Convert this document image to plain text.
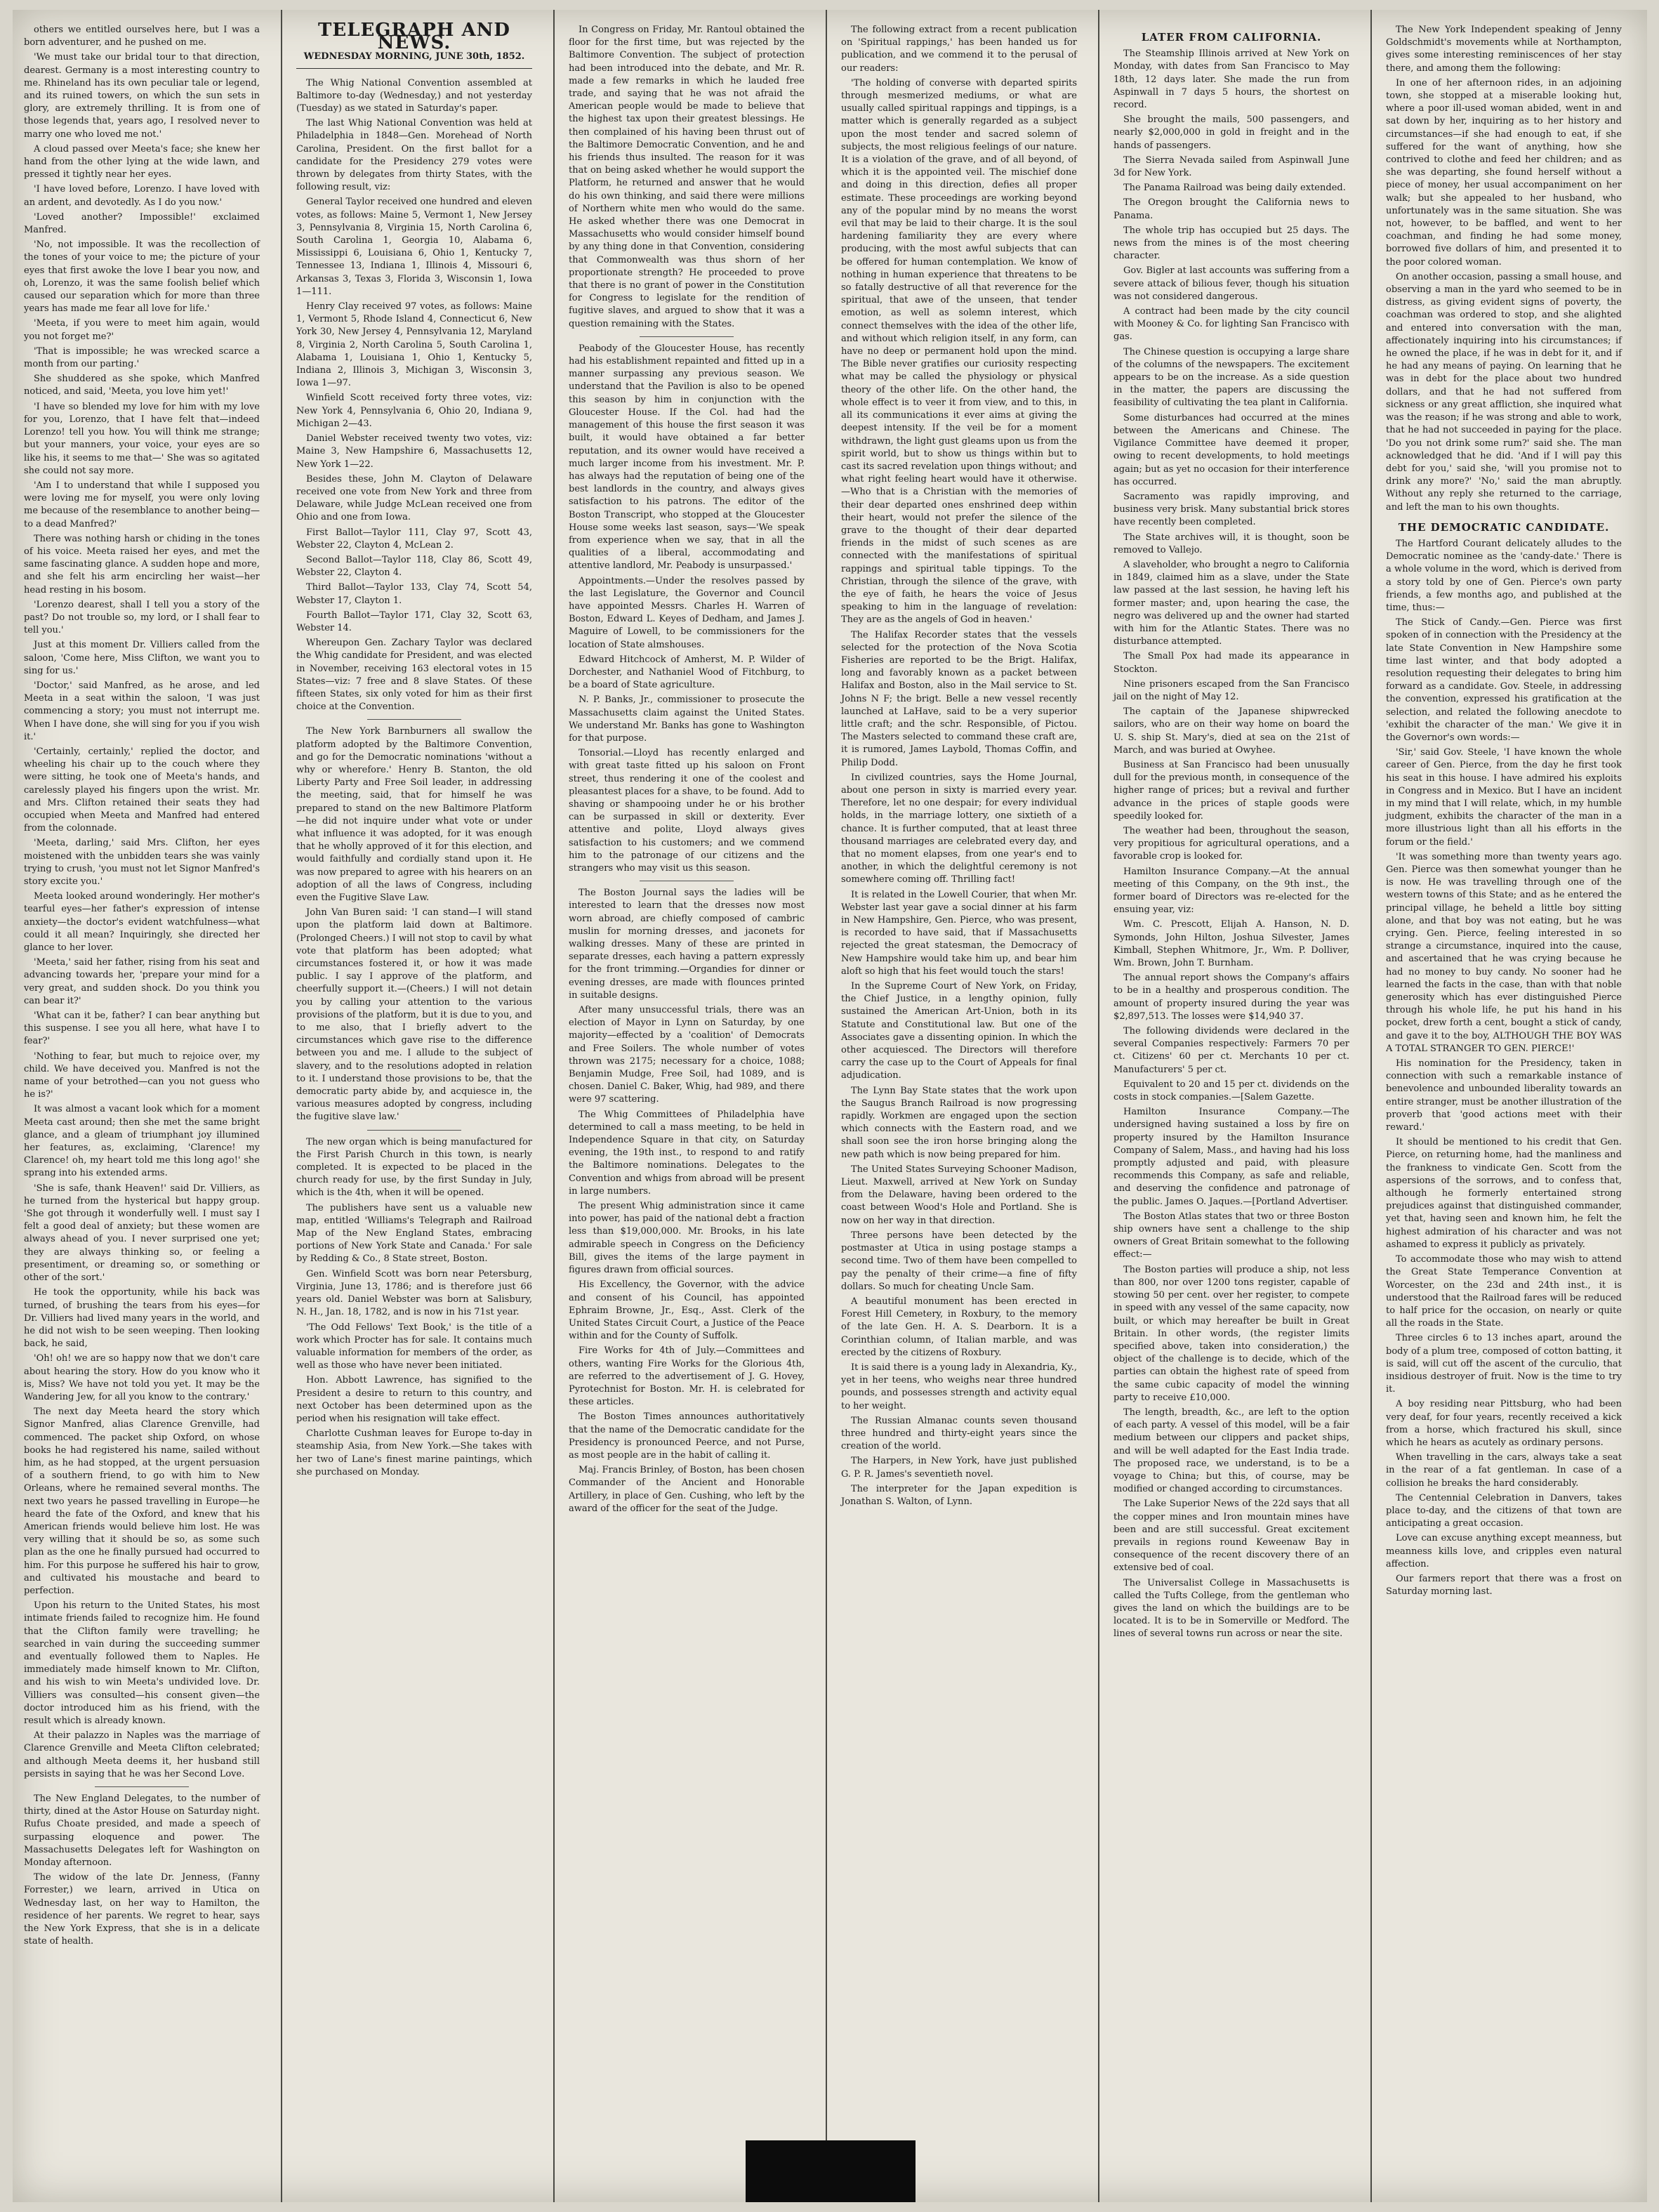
others we entitled ourselves here, but I was a born adventurer, and he pushed on me.

'We must take our bridal tour to that direction, dearest. Germany is a most interesting country to me. Rhineland has its own peculiar tale or legend, and its ruined towers, on which the sun sets in glory, are extremely thrilling. It is from one of those legends that, years ago, I resolved never to marry one who loved me not.'

A cloud passed over Meeta's face; she knew her hand from the other lying at the wide lawn, and pressed it tightly near her eyes.

'I have loved before, Lorenzo. I have loved with an ardent, and devotedly. As I do you now.'

'Loved another? Impossible!' exclaimed Manfred.

'No, not impossible. It was the recollection of the tones of your voice to me; the picture of your eyes that first awoke the love I bear you now, and oh, Lorenzo, it was the same foolish belief which caused our separation which for more than three years has made me fear all love for life.'

'Meeta, if you were to meet him again, would you not forget me?'

'That is impossible; he was wrecked scarce a month from our parting.'

She shuddered as she spoke, which Manfred noticed, and said, 'Meeta, you love him yet!'

'I have so blended my love for him with my love for you, Lorenzo, that I have felt that—indeed Lorenzo! tell you how. You will think me strange; but your manners, your voice, your eyes are so like his, it seems to me that—' She was so agitated she could not say more.

'Am I to understand that while I supposed you were loving me for myself, you were only loving me because of the resemblance to another being—to a dead Manfred?'

There was nothing harsh or chiding in the tones of his voice. Meeta raised her eyes, and met the same fascinating glance. A sudden hope and more, and she felt his arm encircling her waist—her head resting in his bosom.

'Lorenzo dearest, shall I tell you a story of the past? Do not trouble so, my lord, or I shall fear to tell you.'

Just at this moment Dr. Villiers called from the saloon, 'Come here, Miss Clifton, we want you to sing for us.'

'Doctor,' said Manfred, as he arose, and led Meeta in a seat within the saloon, 'I was just commencing a story; you must not interrupt me. When I have done, she will sing for you if you wish it.'

'Certainly, certainly,' replied the doctor, and wheeling his chair up to the couch where they were sitting, he took one of Meeta's hands, and carelessly played his fingers upon the wrist. Mr. and Mrs. Clifton retained their seats they had occupied when Meeta and Manfred had entered from the colonnade.

'Meeta, darling,' said Mrs. Clifton, her eyes moistened with the unbidden tears she was vainly trying to crush, 'you must not let Signor Manfred's story excite you.'

Meeta looked around wonderingly. Her mother's tearful eyes—her father's expression of intense anxiety—the doctor's evident watchfulness—what could it all mean? Inquiringly, she directed her glance to her lover.

'Meeta,' said her father, rising from his seat and advancing towards her, 'prepare your mind for a very great, and sudden shock. Do you think you can bear it?'

'What can it be, father? I can bear anything but this suspense. I see you all here, what have I to fear?'

'Nothing to fear, but much to rejoice over, my child. We have deceived you. Manfred is not the name of your betrothed—can you not guess who he is?'

It was almost a vacant look which for a moment Meeta cast around; then she met the same bright glance, and a gleam of triumphant joy illumined her features, as, exclaiming, 'Clarence! my Clarence! oh, my heart told me this long ago!' she sprang into his extended arms.

'She is safe, thank Heaven!' said Dr. Villiers, as he turned from the hysterical but happy group. 'She got through it wonderfully well. I must say I felt a good deal of anxiety; but these women are always ahead of you. I never surprised one yet; they are always thinking so, or feeling a presentiment, or dreaming so, or something or other of the sort.'

He took the opportunity, while his back was turned, of brushing the tears from his eyes—for Dr. Villiers had lived many years in the world, and he did not wish to be seen weeping. Then looking back, he said,

'Oh! oh! we are so happy now that we don't care about hearing the story. How do you know who it is, Miss? We have not told you yet. It may be the Wandering Jew, for all you know to the contrary.'

The next day Meeta heard the story which Signor Manfred, alias Clarence Grenville, had commenced. The packet ship Oxford, on whose books he had registered his name, sailed without him, as he had stopped, at the urgent persuasion of a southern friend, to go with him to New Orleans, where he remained several months. The next two years he passed travelling in Europe—he heard the fate of the Oxford, and knew that his American friends would believe him lost. He was very willing that it should be so, as some such plan as the one he finally pursued had occurred to him. For this purpose he suffered his hair to grow, and cultivated his moustache and beard to perfection.

Upon his return to the United States, his most intimate friends failed to recognize him. He found that the Clifton family were travelling; he searched in vain during the succeeding summer and eventually followed them to Naples. He immediately made himself known to Mr. Clifton, and his wish to win Meeta's undivided love. Dr. Villiers was consulted—his consent given—the doctor introduced him as his friend, with the result which is already known.

At their palazzo in Naples was the marriage of Clarence Grenville and Meeta Clifton celebrated; and although Meeta deems it, her husband still persists in saying that he was her Second Love.

The New England Delegates, to the number of thirty, dined at the Astor House on Saturday night. Rufus Choate presided, and made a speech of surpassing eloquence and power. The Massachusetts Delegates left for Washington on Monday afternoon.

The widow of the late Dr. Jenness, (Fanny Forrester,) we learn, arrived in Utica on Wednesday last, on her way to Hamilton, the residence of her parents. We regret to hear, says the New York Express, that she is in a delicate state of health.

TELEGRAPH AND NEWS.
WEDNESDAY MORNING, JUNE 30th, 1852.

The Whig National Convention assembled at Baltimore to-day (Wednesday,) and not yesterday (Tuesday) as we stated in Saturday's paper.

The last Whig National Convention was held at Philadelphia in 1848—Gen. Morehead of North Carolina, President. On the first ballot for a candidate for the Presidency 279 votes were thrown by delegates from thirty States, with the following result, viz:

General Taylor received one hundred and eleven votes, as follows: Maine 5, Vermont 1, New Jersey 3, Pennsylvania 8, Virginia 15, North Carolina 6, South Carolina 1, Georgia 10, Alabama 6, Mississippi 6, Louisiana 6, Ohio 1, Kentucky 7, Tennessee 13, Indiana 1, Illinois 4, Missouri 6, Arkansas 3, Texas 3, Florida 3, Wisconsin 1, Iowa 1—111.

Henry Clay received 97 votes, as follows: Maine 1, Vermont 5, Rhode Island 4, Connecticut 6, New York 30, New Jersey 4, Pennsylvania 12, Maryland 8, Virginia 2, North Carolina 5, South Carolina 1, Alabama 1, Louisiana 1, Ohio 1, Kentucky 5, Indiana 2, Illinois 3, Michigan 3, Wisconsin 3, Iowa 1—97.

Winfield Scott received forty three votes, viz: New York 4, Pennsylvania 6, Ohio 20, Indiana 9, Michigan 2—43.

Daniel Webster received twenty two votes, viz: Maine 3, New Hampshire 6, Massachusetts 12, New York 1—22.

Besides these, John M. Clayton of Delaware received one vote from New York and three from Delaware, while Judge McLean received one from Ohio and one from Iowa.

First Ballot—Taylor 111, Clay 97, Scott 43, Webster 22, Clayton 4, McLean 2.

Second Ballot—Taylor 118, Clay 86, Scott 49, Webster 22, Clayton 4.

Third Ballot—Taylor 133, Clay 74, Scott 54, Webster 17, Clayton 1.

Fourth Ballot—Taylor 171, Clay 32, Scott 63, Webster 14.

Whereupon Gen. Zachary Taylor was declared the Whig candidate for President, and was elected in November, receiving 163 electoral votes in 15 States—viz: 7 free and 8 slave States. Of these fifteen States, six only voted for him as their first choice at the Convention.

The New York Barnburners all swallow the platform adopted by the Baltimore Convention, and go for the Democratic nominations 'without a why or wherefore.' Henry B. Stanton, the old Liberty Party and Free Soil leader, in addressing the meeting, said, that for himself he was prepared to stand on the new Baltimore Platform—he did not inquire under what vote or under what influence it was adopted, for it was enough that he wholly approved of it for this election, and would faithfully and cordially stand upon it. He was now prepared to agree with his hearers on an adoption of all the laws of Congress, including even the Fugitive Slave Law.

John Van Buren said: 'I can stand—I will stand upon the platform laid down at Baltimore. (Prolonged Cheers.) I will not stop to cavil by what vote that platform has been adopted; what circumstances fostered it, or how it was made public. I say I approve of the platform, and cheerfully support it.—(Cheers.) I will not detain you by calling your attention to the various provisions of the platform, but it is due to you, and to me also, that I briefly advert to the circumstances which gave rise to the difference between you and me. I allude to the subject of slavery, and to the resolutions adopted in relation to it. I understand those provisions to be, that the democratic party abide by, and acquiesce in, the various measures adopted by congress, including the fugitive slave law.'

The new organ which is being manufactured for the First Parish Church in this town, is nearly completed. It is expected to be placed in the church ready for use, by the first Sunday in July, which is the 4th, when it will be opened.

The publishers have sent us a valuable new map, entitled 'Williams's Telegraph and Railroad Map of the New England States, embracing portions of New York State and Canada.' For sale by Redding & Co., 8 State street, Boston.

Gen. Winfield Scott was born near Petersburg, Virginia, June 13, 1786; and is therefore just 66 years old. Daniel Webster was born at Salisbury, N. H., Jan. 18, 1782, and is now in his 71st year.

'The Odd Fellows' Text Book,' is the title of a work which Procter has for sale. It contains much valuable information for members of the order, as well as those who have never been initiated.

Hon. Abbott Lawrence, has signified to the President a desire to return to this country, and next October has been determined upon as the period when his resignation will take effect.

Charlotte Cushman leaves for Europe to-day in steamship Asia, from New York.—She takes with her two of Lane's finest marine paintings, which she purchased on Monday.

In Congress on Friday, Mr. Rantoul obtained the floor for the first time, but was rejected by the Baltimore Convention. The subject of protection had been introduced into the debate, and Mr. R. made a few remarks in which he lauded free trade, and saying that he was not afraid the American people would be made to believe that the highest tax upon their greatest blessings. He then complained of his having been thrust out of the Baltimore Democratic Convention, and he and his friends thus insulted. The reason for it was that on being asked whether he would support the Platform, he returned and answer that he would do his own thinking, and said there were millions of Northern white men who would do the same. He asked whether there was one Democrat in Massachusetts who would consider himself bound by any thing done in that Convention, considering that Commonwealth was thus shorn of her proportionate strength? He proceeded to prove that there is no grant of power in the Constitution for Congress to legislate for the rendition of fugitive slaves, and argued to show that it was a question remaining with the States.

Peabody of the Gloucester House, has recently had his establishment repainted and fitted up in a manner surpassing any previous season. We understand that the Pavilion is also to be opened this season by him in conjunction with the Gloucester House. If the Col. had had the management of this house the first season it was built, it would have obtained a far better reputation, and its owner would have received a much larger income from his investment. Mr. P. has always had the reputation of being one of the best landlords in the country, and always gives satisfaction to his patrons. The editor of the Boston Transcript, who stopped at the Gloucester House some weeks last season, says—'We speak from experience when we say, that in all the qualities of a liberal, accommodating and attentive landlord, Mr. Peabody is unsurpassed.'

Appointments.—Under the resolves passed by the last Legislature, the Governor and Council have appointed Messrs. Charles H. Warren of Boston, Edward L. Keyes of Dedham, and James J. Maguire of Lowell, to be commissioners for the location of State almshouses.

Edward Hitchcock of Amherst, M. P. Wilder of Dorchester, and Nathaniel Wood of Fitchburg, to be a board of State agriculture.

N. P. Banks, Jr., commissioner to prosecute the Massachusetts claim against the United States. We understand Mr. Banks has gone to Washington for that purpose.

Tonsorial.—Lloyd has recently enlarged and with great taste fitted up his saloon on Front street, thus rendering it one of the coolest and pleasantest places for a shave, to be found. Add to shaving or shampooing under he or his brother can be surpassed in skill or dexterity. Ever attentive and polite, Lloyd always gives satisfaction to his customers; and we commend him to the patronage of our citizens and the strangers who may visit us this season.

The Boston Journal says the ladies will be interested to learn that the dresses now most worn abroad, are chiefly composed of cambric muslin for morning dresses, and jaconets for walking dresses. Many of these are printed in separate dresses, each having a pattern expressly for the front trimming.—Organdies for dinner or evening dresses, are made with flounces printed in suitable designs.

After many unsuccessful trials, there was an election of Mayor in Lynn on Saturday, by one majority—effected by a 'coalition' of Democrats and Free Soilers. The whole number of votes thrown was 2175; necessary for a choice, 1088; Benjamin Mudge, Free Soil, had 1089, and is chosen. Daniel C. Baker, Whig, had 989, and there were 97 scattering.

The Whig Committees of Philadelphia have determined to call a mass meeting, to be held in Independence Square in that city, on Saturday evening, the 19th inst., to respond to and ratify the Baltimore nominations. Delegates to the Convention and whigs from abroad will be present in large numbers.

The present Whig administration since it came into power, has paid of the national debt a fraction less than $19,000,000. Mr. Brooks, in his late admirable speech in Congress on the Deficiency Bill, gives the items of the large payment in figures drawn from official sources.

His Excellency, the Governor, with the advice and consent of his Council, has appointed Ephraim Browne, Jr., Esq., Asst. Clerk of the United States Circuit Court, a Justice of the Peace within and for the County of Suffolk.

Fire Works for 4th of July.—Committees and others, wanting Fire Works for the Glorious 4th, are referred to the advertisement of J. G. Hovey, Pyrotechnist for Boston. Mr. H. is celebrated for these articles.

The Boston Times announces authoritatively that the name of the Democratic candidate for the Presidency is pronounced Peerce, and not Purse, as most people are in the habit of calling it.

Maj. Francis Brinley, of Boston, has been chosen Commander of the Ancient and Honorable Artillery, in place of Gen. Cushing, who left by the award of the officer for the seat of the Judge.

The following extract from a recent publication on 'Spiritual rappings,' has been handed us for publication, and we commend it to the perusal of our readers:

'The holding of converse with departed spirits through mesmerized mediums, or what are usually called spiritual rappings and tippings, is a matter which is generally regarded as a subject upon the most tender and sacred solemn of subjects, the most religious feelings of our nature. It is a violation of the grave, and of all beyond, of which it is the appointed veil. The mischief done and doing in this direction, defies all proper estimate. These proceedings are working beyond any of the popular mind by no means the worst evil that may be laid to their charge. It is the soul hardening familiarity they are every where producing, with the most awful subjects that can be offered for human contemplation. We know of nothing in human experience that threatens to be so fatally destructive of all that reverence for the spiritual, that awe of the unseen, that tender emotion, as well as solemn interest, which connect themselves with the idea of the other life, and without which religion itself, in any form, can have no deep or permanent hold upon the mind. The Bible never gratifies our curiosity respecting what may be called the physiology or physical theory of the other life. On the other hand, the whole effect is to veer it from view, and to this, in all its communications it ever aims at giving the deepest intensity. If the veil be for a moment withdrawn, the light gust gleams upon us from the spirit world, but to show us things within but to cast its sacred revelation upon things without; and what right feeling heart would have it otherwise.—Who that is a Christian with the memories of their dear departed ones enshrined deep within their heart, would not prefer the silence of the grave to the thought of their dear departed friends in the midst of such scenes as are connected with the manifestations of spiritual rappings and spiritual table tippings. To the Christian, through the silence of the grave, with the eye of faith, he hears the voice of Jesus speaking to him in the language of revelation: They are as the angels of God in heaven.'

The Halifax Recorder states that the vessels selected for the protection of the Nova Scotia Fisheries are reported to be the Brigt. Halifax, long and favorably known as a packet between Halifax and Boston, also in the Mail service to St. Johns N F; the brigt. Belle a new vessel recently launched at LaHave, said to be a very superior little craft; and the schr. Responsible, of Pictou. The Masters selected to command these craft are, it is rumored, James Laybold, Thomas Coffin, and Philip Dodd.

In civilized countries, says the Home Journal, about one person in sixty is married every year. Therefore, let no one despair; for every individual holds, in the marriage lottery, one sixtieth of a chance. It is further computed, that at least three thousand marriages are celebrated every day, and that no moment elapses, from one year's end to another, in which the delightful ceremony is not somewhere coming off. Thrilling fact!

It is related in the Lowell Courier, that when Mr. Webster last year gave a social dinner at his farm in New Hampshire, Gen. Pierce, who was present, is recorded to have said, that if Massachusetts rejected the great statesman, the Democracy of New Hampshire would take him up, and bear him aloft so high that his feet would touch the stars!

In the Supreme Court of New York, on Friday, the Chief Justice, in a lengthy opinion, fully sustained the American Art-Union, both in its Statute and Constitutional law. But one of the Associates gave a dissenting opinion. In which the other acquiesced. The Directors will therefore carry the case up to the Court of Appeals for final adjudication.

The Lynn Bay State states that the work upon the Saugus Branch Railroad is now progressing rapidly. Workmen are engaged upon the section which connects with the Eastern road, and we shall soon see the iron horse bringing along the new path which is now being prepared for him.

The United States Surveying Schooner Madison, Lieut. Maxwell, arrived at New York on Sunday from the Delaware, having been ordered to the coast between Wood's Hole and Portland. She is now on her way in that direction.

Three persons have been detected by the postmaster at Utica in using postage stamps a second time. Two of them have been compelled to pay the penalty of their crime—a fine of fifty dollars. So much for cheating Uncle Sam.

A beautiful monument has been erected in Forest Hill Cemetery, in Roxbury, to the memory of the late Gen. H. A. S. Dearborn. It is a Corinthian column, of Italian marble, and was erected by the citizens of Roxbury.

It is said there is a young lady in Alexandria, Ky., yet in her teens, who weighs near three hundred pounds, and possesses strength and activity equal to her weight.

The Russian Almanac counts seven thousand three hundred and thirty-eight years since the creation of the world.

The Harpers, in New York, have just published G. P. R. James's seventieth novel.

The interpreter for the Japan expedition is Jonathan S. Walton, of Lynn.

LATER FROM CALIFORNIA.

The Steamship Illinois arrived at New York on Monday, with dates from San Francisco to May 18th, 12 days later. She made the run from Aspinwall in 7 days 5 hours, the shortest on record.

She brought the mails, 500 passengers, and nearly $2,000,000 in gold in freight and in the hands of passengers.

The Sierra Nevada sailed from Aspinwall June 3d for New York.

The Panama Railroad was being daily extended.

The Oregon brought the California news to Panama.

The whole trip has occupied but 25 days. The news from the mines is of the most cheering character.

Gov. Bigler at last accounts was suffering from a severe attack of bilious fever, though his situation was not considered dangerous.

A contract had been made by the city council with Mooney & Co. for lighting San Francisco with gas.

The Chinese question is occupying a large share of the columns of the newspapers. The excitement appears to be on the increase. As a side question in the matter, the papers are discussing the feasibility of cultivating the tea plant in California.

Some disturbances had occurred at the mines between the Americans and Chinese. The Vigilance Committee have deemed it proper, owing to recent developments, to hold meetings again; but as yet no occasion for their interference has occurred.

Sacramento was rapidly improving, and business very brisk. Many substantial brick stores have recently been completed.

The State archives will, it is thought, soon be removed to Vallejo.

A slaveholder, who brought a negro to California in 1849, claimed him as a slave, under the State law passed at the last session, he having left his former master; and, upon hearing the case, the negro was delivered up and the owner had started with him for the Atlantic States. There was no disturbance attempted.

The Small Pox had made its appearance in Stockton.

Nine prisoners escaped from the San Francisco jail on the night of May 12.

The captain of the Japanese shipwrecked sailors, who are on their way home on board the U. S. ship St. Mary's, died at sea on the 21st of March, and was buried at Owyhee.

Business at San Francisco had been unusually dull for the previous month, in consequence of the higher range of prices; but a revival and further advance in the prices of staple goods were speedily looked for.

The weather had been, throughout the season, very propitious for agricultural operations, and a favorable crop is looked for.

Hamilton Insurance Company.—At the annual meeting of this Company, on the 9th inst., the former board of Directors was re-elected for the ensuing year, viz:

Wm. C. Prescott, Elijah A. Hanson, N. D. Symonds, John Hilton, Joshua Silvester, James Kimball, Stephen Whitmore, Jr., Wm. P. Dolliver, Wm. Brown, John T. Burnham.

The annual report shows the Company's affairs to be in a healthy and prosperous condition. The amount of property insured during the year was $2,897,513. The losses were $14,940 37.

The following dividends were declared in the several Companies respectively: Farmers 70 per ct. Citizens' 60 per ct. Merchants 10 per ct. Manufacturers' 5 per ct.

Equivalent to 20 and 15 per ct. dividends on the costs in stock companies.—[Salem Gazette.

Hamilton Insurance Company.—The undersigned having sustained a loss by fire on property insured by the Hamilton Insurance Company of Salem, Mass., and having had his loss promptly adjusted and paid, with pleasure recommends this Company, as safe and reliable, and deserving the confidence and patronage of the public. James O. Jaques.—[Portland Advertiser.

The Boston Atlas states that two or three Boston ship owners have sent a challenge to the ship owners of Great Britain somewhat to the following effect:—

The Boston parties will produce a ship, not less than 800, nor over 1200 tons register, capable of stowing 50 per cent. over her register, to compete in speed with any vessel of the same capacity, now built, or which may hereafter be built in Great Britain. In other words, (the register limits specified above, taken into consideration,) the object of the challenge is to decide, which of the parties can obtain the highest rate of speed from the same cubic capacity of model the winning party to receive £10,000.

The length, breadth, &c., are left to the option of each party. A vessel of this model, will be a fair medium between our clippers and packet ships, and will be well adapted for the East India trade. The proposed race, we understand, is to be a voyage to China; but this, of course, may be modified or changed according to circumstances.

The Lake Superior News of the 22d says that all the copper mines and Iron mountain mines have been and are still successful. Great excitement prevails in regions round Keweenaw Bay in consequence of the recent discovery there of an extensive bed of coal.

The Universalist College in Massachusetts is called the Tufts College, from the gentleman who gives the land on which the buildings are to be located. It is to be in Somerville or Medford. The lines of several towns run across or near the site.

The New York Independent speaking of Jenny Goldschmidt's movements while at Northampton, gives some interesting reminiscences of her stay there, and among them the following:

In one of her afternoon rides, in an adjoining town, she stopped at a miserable looking hut, where a poor ill-used woman abided, went in and sat down by her, inquiring as to her history and circumstances—if she had enough to eat, if she suffered for the want of anything, how she contrived to clothe and feed her children; and as she was departing, she found herself without a piece of money, her usual accompaniment on her walk; but she appealed to her husband, who unfortunately was in the same situation. She was not, however, to be baffled, and went to her coachman, and finding he had some money, borrowed five dollars of him, and presented it to the poor colored woman.

On another occasion, passing a small house, and observing a man in the yard who seemed to be in distress, as giving evident signs of poverty, the coachman was ordered to stop, and she alighted and entered into conversation with the man, affectionately inquiring into his circumstances; if he owned the place, if he was in debt for it, and if he had any means of paying. On learning that he was in debt for the place about two hundred dollars, and that he had not suffered from sickness or any great affliction, she inquired what was the reason; if he was strong and able to work, that he had not succeeded in paying for the place. 'Do you not drink some rum?' said she. The man acknowledged that he did. 'And if I will pay this debt for you,' said she, 'will you promise not to drink any more?' 'No,' said the man abruptly. Without any reply she returned to the carriage, and left the man to his own thoughts.

THE DEMOCRATIC CANDIDATE.

The Hartford Courant delicately alludes to the Democratic nominee as the 'candy-date.' There is a whole volume in the word, which is derived from a story told by one of Gen. Pierce's own party friends, a few months ago, and published at the time, thus:—

The Stick of Candy.—Gen. Pierce was first spoken of in connection with the Presidency at the late State Convention in New Hampshire some time last winter, and that body adopted a resolution requesting their delegates to bring him forward as a candidate. Gov. Steele, in addressing the convention, expressed his gratification at the selection, and related the following anecdote to 'exhibit the character of the man.' We give it in the Governor's own words:—

'Sir,' said Gov. Steele, 'I have known the whole career of Gen. Pierce, from the day he first took his seat in this house. I have admired his exploits in Congress and in Mexico. But I have an incident in my mind that I will relate, which, in my humble judgment, exhibits the character of the man in a more illustrious light than all his efforts in the forum or the field.'

'It was something more than twenty years ago. Gen. Pierce was then somewhat younger than he is now. He was travelling through one of the western towns of this State; and as he entered the principal village, he beheld a little boy sitting alone, and that boy was not eating, but he was crying. Gen. Pierce, feeling interested in so strange a circumstance, inquired into the cause, and ascertained that he was crying because he had no money to buy candy. No sooner had he learned the facts in the case, than with that noble generosity which has ever distinguished Pierce through his whole life, he put his hand in his pocket, drew forth a cent, bought a stick of candy, and gave it to the boy, ALTHOUGH THE BOY WAS A TOTAL STRANGER TO GEN. PIERCE!'

His nomination for the Presidency, taken in connection with such a remarkable instance of benevolence and unbounded liberality towards an entire stranger, must be another illustration of the proverb that 'good actions meet with their reward.'

It should be mentioned to his credit that Gen. Pierce, on returning home, had the manliness and the frankness to vindicate Gen. Scott from the aspersions of the sorrows, and to confess that, although he formerly entertained strong prejudices against that distinguished commander, yet that, having seen and known him, he felt the highest admiration of his character and was not ashamed to express it publicly as privately.

To accommodate those who may wish to attend the Great State Temperance Convention at Worcester, on the 23d and 24th inst., it is understood that the Railroad fares will be reduced to half price for the occasion, on nearly or quite all the roads in the State.

Three circles 6 to 13 inches apart, around the body of a plum tree, composed of cotton batting, it is said, will cut off the ascent of the curculio, that insidious destroyer of fruit. Now is the time to try it.

A boy residing near Pittsburg, who had been very deaf, for four years, recently received a kick from a horse, which fractured his skull, since which he hears as acutely as ordinary persons.

When travelling in the cars, always take a seat in the rear of a fat gentleman. In case of a collision he breaks the hard considerably.

The Centennial Celebration in Danvers, takes place to-day, and the citizens of that town are anticipating a great occasion.

Love can excuse anything except meanness, but meanness kills love, and cripples even natural affection.

Our farmers report that there was a frost on Saturday morning last.
